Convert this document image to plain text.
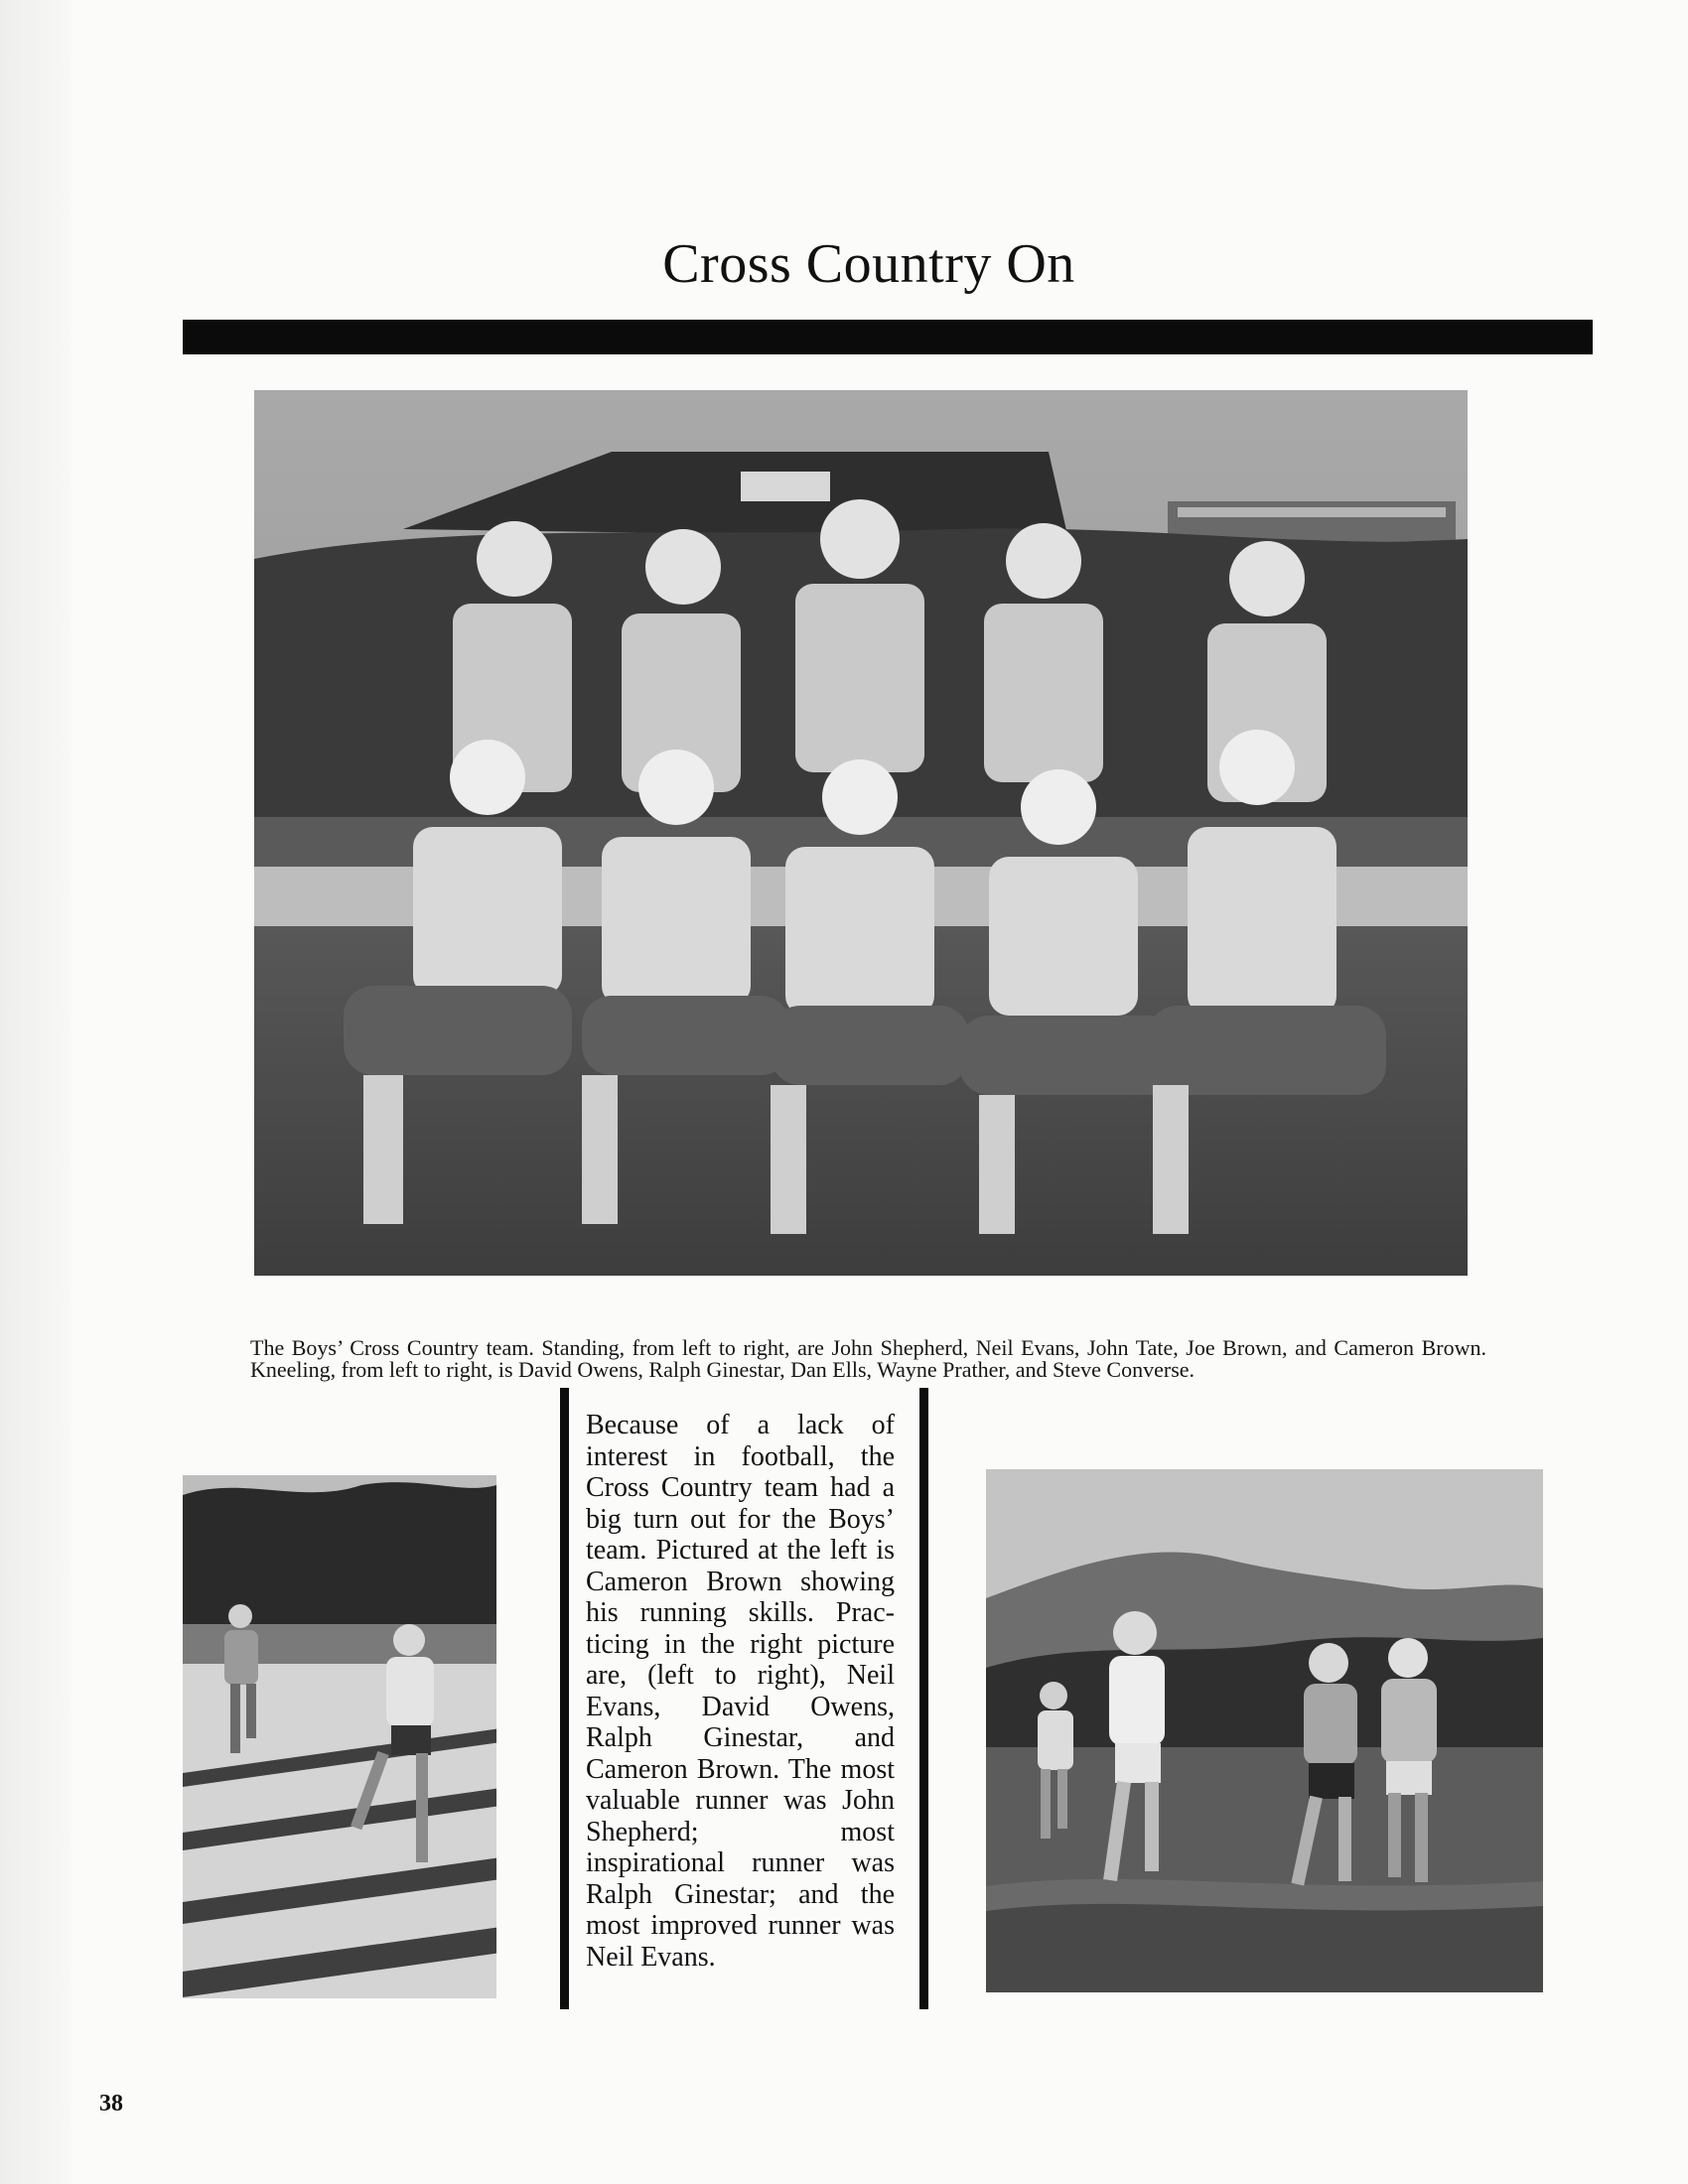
Cross Country On

The Boys’ Cross Country team. Standing, from left to right, are John Shepherd, Neil Evans, John Tate, Joe Brown, and Cameron Brown. Kneeling, from left to right, is David Owens, Ralph Ginestar, Dan Ells, Wayne Prather, and Steve Converse.

Because of a lack of interest in football, the Cross Country team had a big turn out for the Boys’ team. Pictured at the left is Cameron Brown showing his running skills. Practicing in the right picture are, (left to right), Neil Evans, David Owens, Ralph Ginestar, and Cameron Brown. The most valuable runner was John Shepherd; most inspirational runner was Ralph Ginestar; and the most improved runner was Neil Evans.

38
